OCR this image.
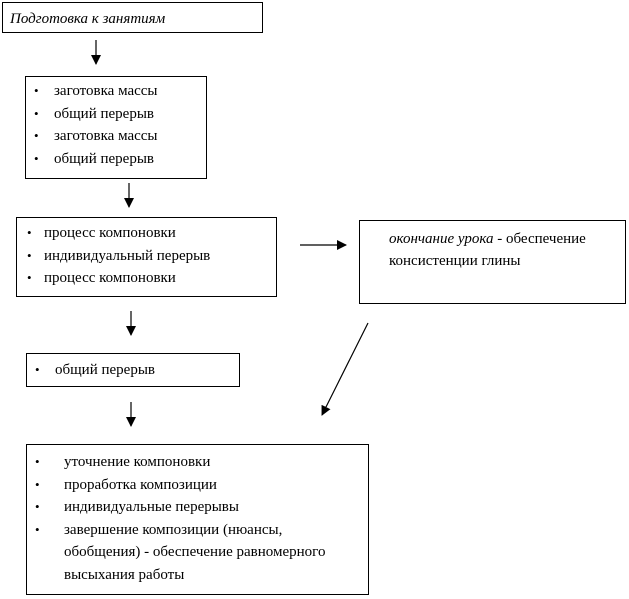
Подготовка к занятиям
• заготовка массы
• общий перерыв
• заготовка массы
• общий перерыв
• процесс компоновки
• индивидуальный перерыв
• процесс компоновки
окончание урока - обеспечение консистенции глины
• общий перерыв
• уточнение компоновки
• проработка композиции
• индивидуальные перерывы
• завершение композиции (нюансы, обобщения) - обеспечение равномерного высыхания работы
